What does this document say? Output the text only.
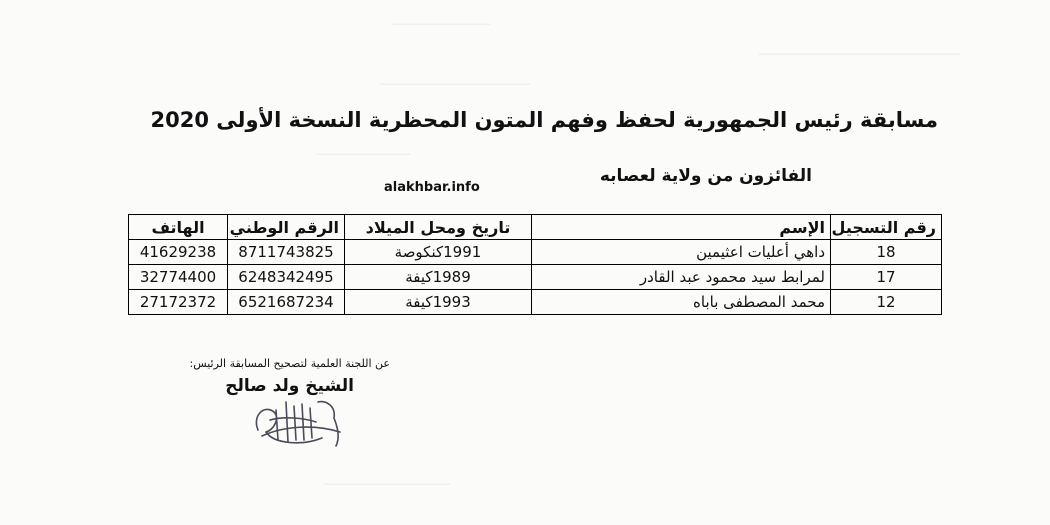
ـــــــــــــــــــــ
ـــــــــــــــــــــــــــــــــــــــــــ
ــــــــــــــــــــــــــــــــ
ــــــــــــــــــــ
ـــــــــــــــــــــــــــ
مسابقة رئيس الجمهورية لحفظ وفهم المتون المحظرية النسخة الأولى 2020
الفائزون من ولاية لعصابه
alakhbar.info
رقم التسجيل	الإسم	تاريخ ومحل الميلاد	الرقم الوطني	الهاتف
18	داهي أعليات اعثيمين	1991كنكوصة	8711743825	41629238
17	لمرابط سيد محمود عبد القادر	1989كيفة	6248342495	32774400
12	محمد المصطفى باباه	1993كيفة	6521687234	27172372
عن اللجنة العلمية لتصحيح المسابقة الرئيس:
الشيخ ولد صالح
